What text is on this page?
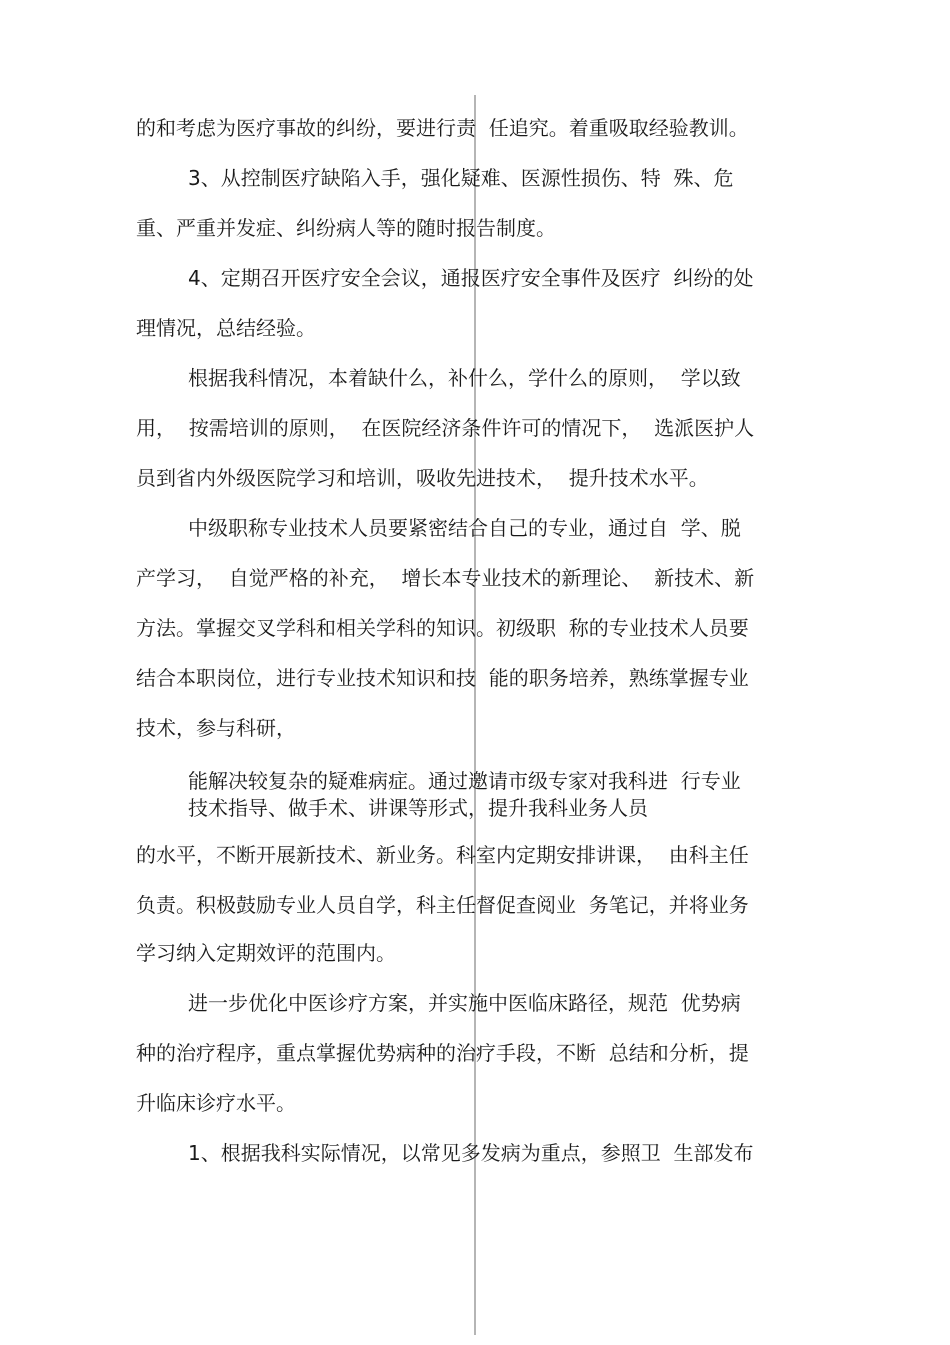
的和考虑为医疗事故的纠纷，要进行责  任追究。着重吸取经验教训。

3、从控制医疗缺陷入手，强化疑难、医源性损伤、特  殊、危

重、严重并发症、纠纷病人等的随时报告制度。

4、定期召开医疗安全会议，通报医疗安全事件及医疗  纠纷的处

理情况，总结经验。

根据我科情况，本着缺什么，补什么，学什么的原则，  学以致

用，  按需培训的原则，  在医院经济条件许可的情况下，  选派医护人

员到省内外级医院学习和培训，吸收先进技术，  提升技术水平。

中级职称专业技术人员要紧密结合自己的专业，通过自  学、脱

产学习，  自觉严格的补充，  增长本专业技术的新理论、  新技术、新

方法。掌握交叉学科和相关学科的知识。初级职  称的专业技术人员要

结合本职岗位，进行专业技术知识和技  能的职务培养，熟练掌握专业

技术，参与科研，

能解决较复杂的疑难病症。通过邀请市级专家对我科进  行专业

技术指导、做手术、讲课等形式，提升我科业务人员

的水平，不断开展新技术、新业务。科室内定期安排讲课，  由科主任

负责。积极鼓励专业人员自学，科主任督促查阅业  务笔记，并将业务

学习纳入定期效评的范围内。

进一步优化中医诊疗方案，并实施中医临床路径，规范  优势病

种的治疗程序，重点掌握优势病种的治疗手段，不断  总结和分析，提

升临床诊疗水平。

1、根据我科实际情况，以常见多发病为重点，参照卫  生部发布
